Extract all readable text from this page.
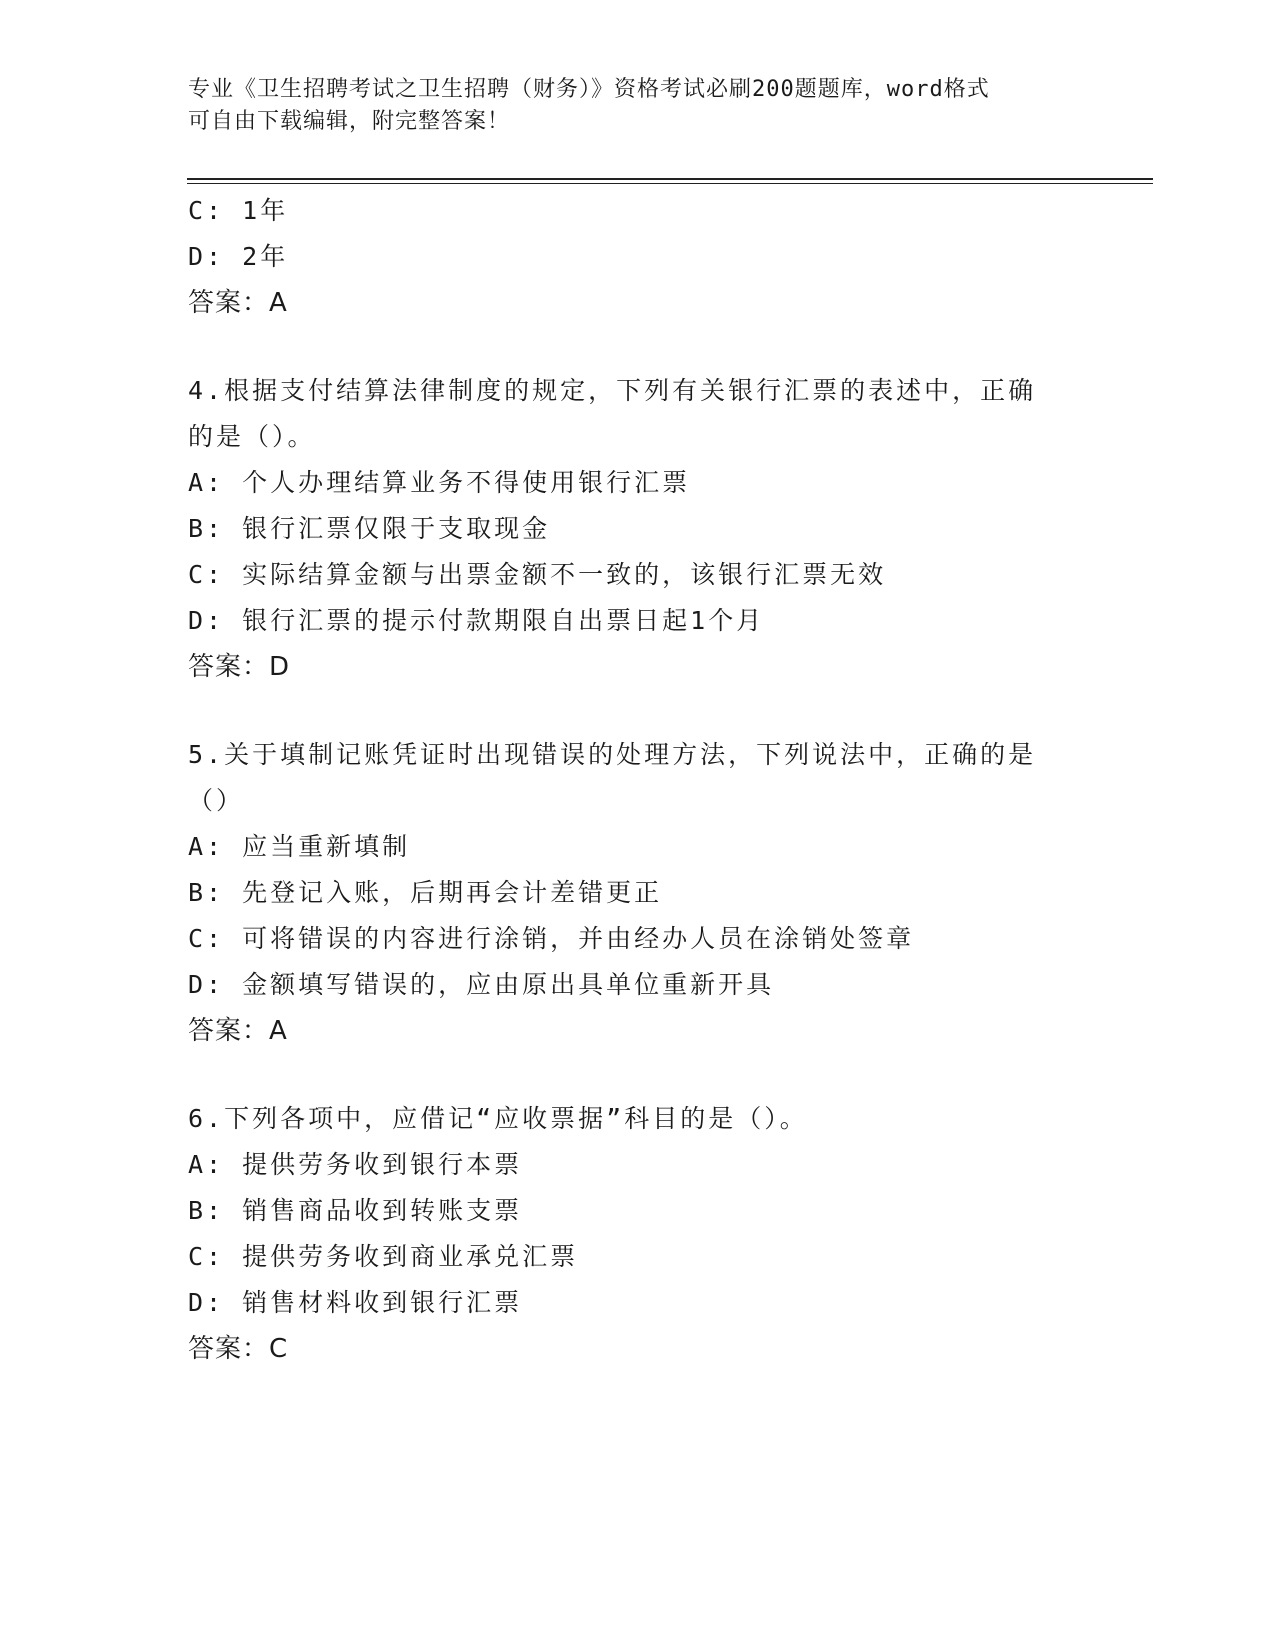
专业《卫生招聘考试之卫生招聘（财务）》资格考试必刷200题题库，word格式
可自由下载编辑，附完整答案！
C: 1年
D: 2年
答案：A
4.根据支付结算法律制度的规定，下列有关银行汇票的表述中，正确
的是（）。
A: 个人办理结算业务不得使用银行汇票
B: 银行汇票仅限于支取现金
C: 实际结算金额与出票金额不一致的，该银行汇票无效
D: 银行汇票的提示付款期限自出票日起1个月
答案：D
5.关于填制记账凭证时出现错误的处理方法，下列说法中，正确的是
（）
A: 应当重新填制
B: 先登记入账，后期再会计差错更正
C: 可将错误的内容进行涂销，并由经办人员在涂销处签章
D: 金额填写错误的，应由原出具单位重新开具
答案：A
6.下列各项中，应借记“应收票据”科目的是（）。
A: 提供劳务收到银行本票
B: 销售商品收到转账支票
C: 提供劳务收到商业承兑汇票
D: 销售材料收到银行汇票
答案：C
